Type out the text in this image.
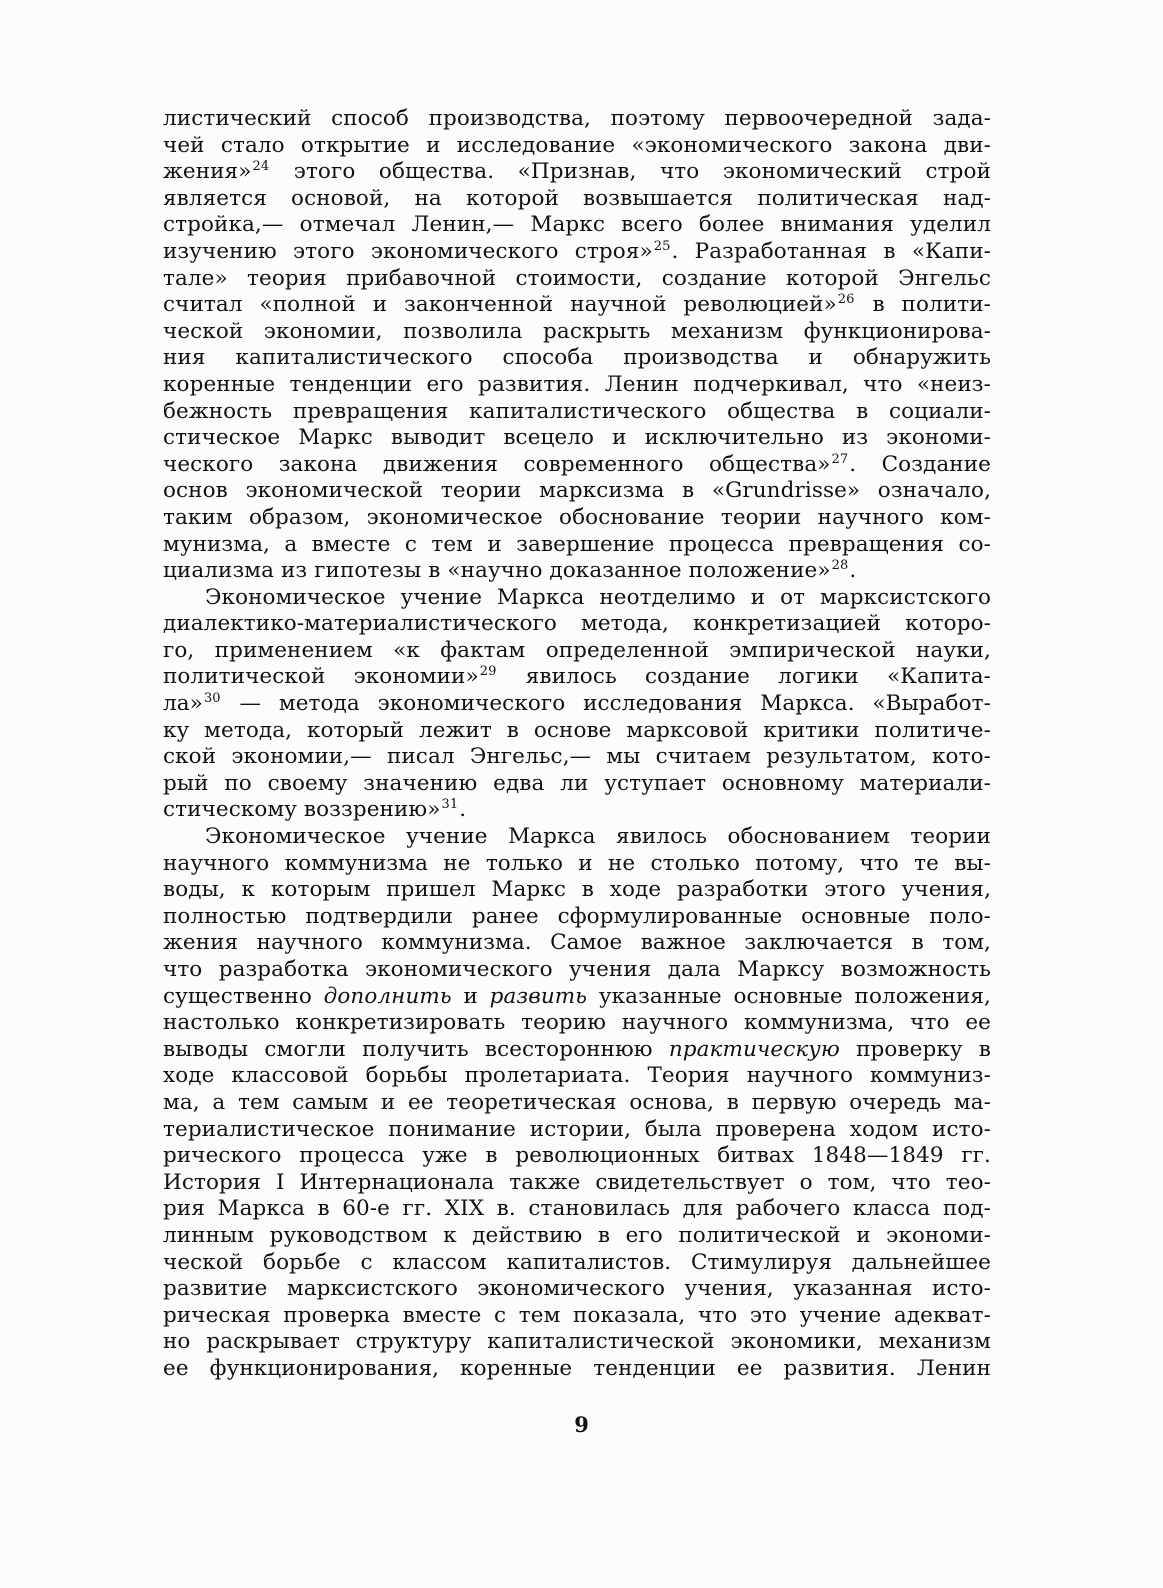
листический способ производства, поэтому первоочередной зада-
чей стало открытие и исследование «экономического закона дви-
жения»$^{24}$ этого общества. «Признав, что экономический строй
является основой, на которой возвышается политическая над-
стройка,— отмечал Ленин,— Маркс всего более внимания уделил
изучению этого экономического строя»$^{25}$. Разработанная в «Капи-
тале» теория прибавочной стоимости, создание которой Энгельс
считал «полной и законченной научной революцией»$^{26}$ в полити-
ческой экономии, позволила раскрыть механизм функционирова-
ния капиталистического способа производства и обнаружить
коренные тенденции его развития. Ленин подчеркивал, что «неиз-
бежность превращения капиталистического общества в социали-
стическое Маркс выводит всецело и исключительно из экономи-
ческого закона движения современного общества»$^{27}$. Создание
основ экономической теории марксизма в «Grundrisse» означало,
таким образом, экономическое обоснование теории научного ком-
мунизма, а вместе с тем и завершение процесса превращения со-
циализма из гипотезы в «научно доказанное положение»$^{28}$.
Экономическое учение Маркса неотделимо и от марксистского
диалектико-материалистического метода, конкретизацией которо-
го, применением «к фактам определенной эмпирической науки,
политической экономии»$^{29}$ явилось создание логики «Капита-
ла»$^{30}$ — метода экономического исследования Маркса. «Выработ-
ку метода, который лежит в основе марксовой критики политиче-
ской экономии,— писал Энгельс,— мы считаем результатом, кото-
рый по своему значению едва ли уступает основному материали-
стическому воззрению»$^{31}$.
Экономическое учение Маркса явилось обоснованием теории
научного коммунизма не только и не столько потому, что те вы-
воды, к которым пришел Маркс в ходе разработки этого учения,
полностью подтвердили ранее сформулированные основные поло-
жения научного коммунизма. Самое важное заключается в том,
что разработка экономического учения дала Марксу возможность
существенно дополнить и развить указанные основные положения,
настолько конкретизировать теорию научного коммунизма, что ее
выводы смогли получить всестороннюю практическую проверку в
ходе классовой борьбы пролетариата. Теория научного коммуниз-
ма, а тем самым и ее теоретическая основа, в первую очередь ма-
териалистическое понимание истории, была проверена ходом исто-
рического процесса уже в революционных битвах 1848—1849 гг.
История I Интернационала также свидетельствует о том, что тео-
рия Маркса в 60-е гг. XIX в. становилась для рабочего класса под-
линным руководством к действию в его политической и экономи-
ческой борьбе с классом капиталистов. Стимулируя дальнейшее
развитие марксистского экономического учения, указанная исто-
рическая проверка вместе с тем показала, что это учение адекват-
но раскрывает структуру капиталистической экономики, механизм
ее функционирования, коренные тенденции ее развития. Ленин
9
